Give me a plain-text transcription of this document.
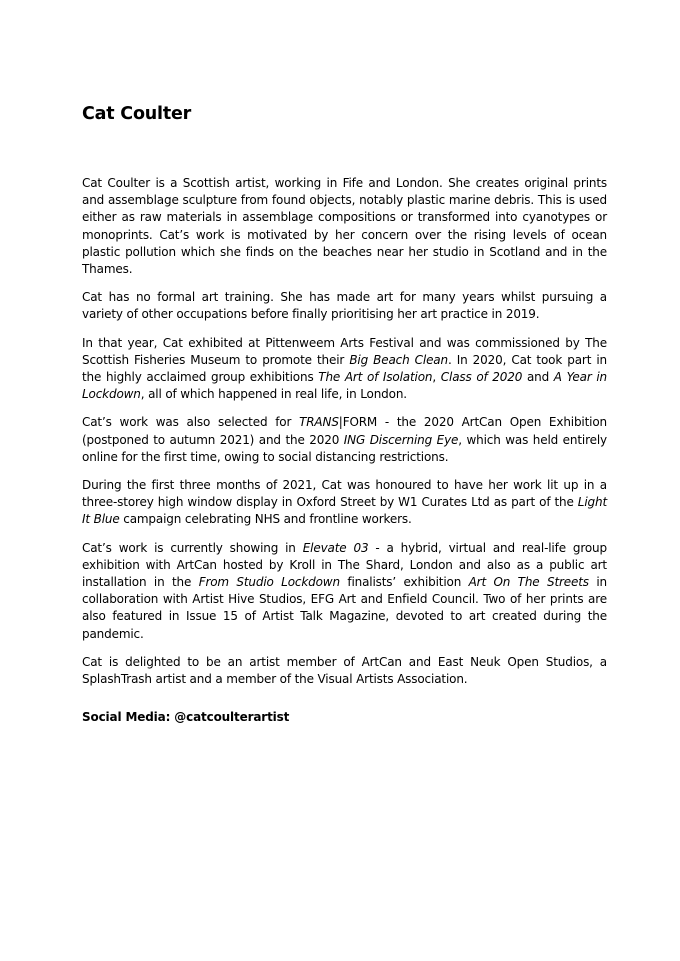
Cat Coulter

Cat Coulter is a Scottish artist, working in Fife and London. She creates original prints and assemblage sculpture from found objects, notably plastic marine debris. This is used either as raw materials in assemblage compositions or transformed into cyanotypes or monoprints. Cat’s work is motivated by her concern over the rising levels of ocean plastic pollution which she finds on the beaches near her studio in Scotland and in the Thames.

Cat has no formal art training. She has made art for many years whilst pursuing a variety of other occupations before finally prioritising her art practice in 2019.

In that year, Cat exhibited at Pittenweem Arts Festival and was commissioned by The Scottish Fisheries Museum to promote their Big Beach Clean. In 2020, Cat took part in the highly acclaimed group exhibitions The Art of Isolation, Class of 2020 and A Year in Lockdown, all of which happened in real life, in London.

Cat’s work was also selected for TRANS|FORM - the 2020 ArtCan Open Exhibition (postponed to autumn 2021) and the 2020 ING Discerning Eye, which was held entirely online for the first time, owing to social distancing restrictions.

During the first three months of 2021, Cat was honoured to have her work lit up in a three-storey high window display in Oxford Street by W1 Curates Ltd as part of the Light It Blue campaign celebrating NHS and frontline workers.

Cat’s work is currently showing in Elevate 03 - a hybrid, virtual and real-life group exhibition with ArtCan hosted by Kroll in The Shard, London and also as a public art installation in the From Studio Lockdown finalists’ exhibition Art On The Streets in collaboration with Artist Hive Studios, EFG Art and Enfield Council. Two of her prints are also featured in Issue 15 of Artist Talk Magazine, devoted to art created during the pandemic.

Cat is delighted to be an artist member of ArtCan and East Neuk Open Studios, a SplashTrash artist and a member of the Visual Artists Association.

Social Media: @catcoulterartist
